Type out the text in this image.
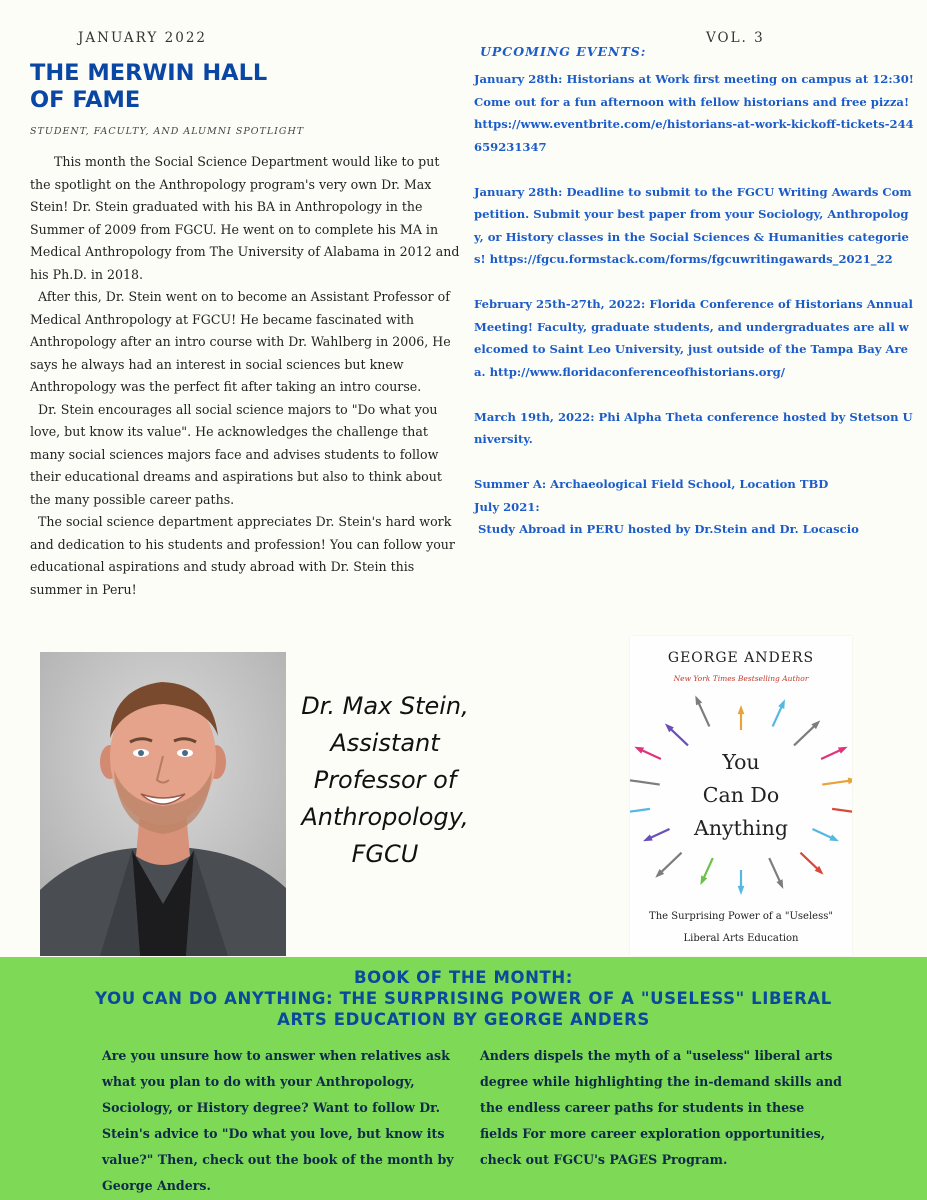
JANUARY 2022	VOL. 3
THE MERWIN HALL
OF FAME
STUDENT, FACULTY, AND ALUMNI SPOTLIGHT

This month the Social Science Department would like to put the spotlight on the Anthropology program's very own Dr. Max Stein! Dr. Stein graduated with his BA in Anthropology in the Summer of 2009 from FGCU. He went on to complete his MA in Medical Anthropology from The University of Alabama in 2012 and his Ph.D. in 2018.

After this, Dr. Stein went on to become an Assistant Professor of Medical Anthropology at FGCU! He became fascinated with Anthropology after an intro course with Dr. Wahlberg in 2006, He says he always had an interest in social sciences but knew Anthropology was the perfect fit after taking an intro course.

Dr. Stein encourages all social science majors to "Do what you love, but know its value". He acknowledges the challenge that many social sciences majors face and advises students to follow their educational dreams and aspirations but also to think about the many possible career paths.

The social science department appreciates Dr. Stein's hard work and dedication to his students and profession! You can follow your educational aspirations and study abroad with Dr. Stein this summer in Peru!

UPCOMING EVENTS:

January 28th: Historians at Work first meeting on campus at 12:30! Come out for a fun afternoon with fellow historians and free pizza! https://www.eventbrite.com/e/historians-at-work-kickoff-tickets-244659231347

January 28th: Deadline to submit to the FGCU Writing Awards Competition. Submit your best paper from your Sociology, Anthropology, or History classes in the Social Sciences & Humanities categories! https://fgcu.formstack.com/forms/fgcuwritingawards_2021_22

February 25th-27th, 2022: Florida Conference of Historians Annual Meeting! Faculty, graduate students, and undergraduates are all welcomed to Saint Leo University, just outside of the Tampa Bay Area. http://www.floridaconferenceofhistorians.org/

March 19th, 2022: Phi Alpha Theta conference hosted by Stetson University.

Summer A: Archaeological Field School, Location TBD

July 2021:

Study Abroad in PERU hosted by Dr.Stein and Dr. Locascio

Dr. Max Stein,
Assistant
Professor of
Anthropology,
FGCU
GEORGE ANDERS
New York Times Bestselling Author
You
Can Do
Anything
The Surprising Power of a "Useless"
Liberal Arts Education
BOOK OF THE MONTH:
YOU CAN DO ANYTHING: THE SURPRISING POWER OF A "USELESS" LIBERAL
ARTS EDUCATION BY GEORGE ANDERS

Are you unsure how to answer when relatives ask what you plan to do with your Anthropology, Sociology, or History degree? Want to follow Dr. Stein's advice to "Do what you love, but know its value?" Then, check out the book of the month by George Anders.

Anders dispels the myth of a "useless" liberal arts degree while highlighting the in-demand skills and the endless career paths for students in these fields For more career exploration opportunities, check out FGCU's PAGES Program.
